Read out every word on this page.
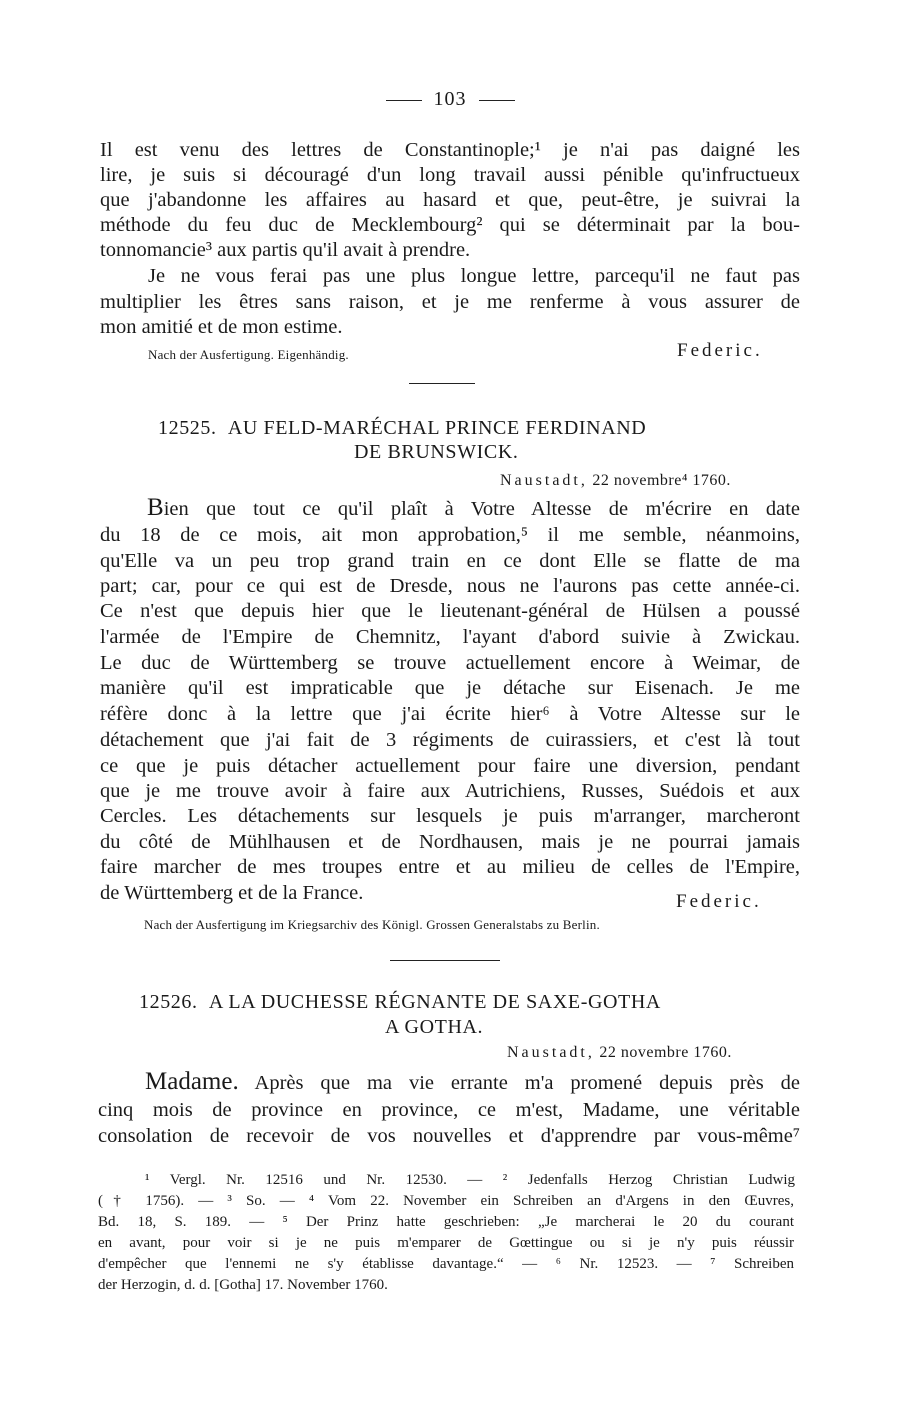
103
Il est venu des lettres de Constantinople;¹ je n'ai pas daigné les
lire, je suis si découragé d'un long travail aussi pénible qu'infructueux
que j'abandonne les affaires au hasard et que, peut-être, je suivrai la
méthode du feu duc de Mecklembourg² qui se déterminait par la bou-
tonnomancie³ aux partis qu'il avait à prendre.
Je ne vous ferai pas une plus longue lettre, parcequ'il ne faut pas
multiplier les êtres sans raison, et je me renferme à vous assurer de
mon amitié et de mon estime.
Nach der Ausfertigung. Eigenhändig.	Federic.
12525. AU FELD-MARÉCHAL PRINCE FERDINAND
DE BRUNSWICK.
Naustadt, 22 novembre⁴ 1760.
Bien que tout ce qu'il plaît à Votre Altesse de m'écrire en date
du 18 de ce mois, ait mon approbation,⁵ il me semble, néanmoins,
qu'Elle va un peu trop grand train en ce dont Elle se flatte de ma
part; car, pour ce qui est de Dresde, nous ne l'aurons pas cette année-ci.
Ce n'est que depuis hier que le lieutenant-général de Hülsen a poussé
l'armée de l'Empire de Chemnitz, l'ayant d'abord suivie à Zwickau.
Le duc de Württemberg se trouve actuellement encore à Weimar, de
manière qu'il est impraticable que je détache sur Eisenach. Je me
réfère donc à la lettre que j'ai écrite hier⁶ à Votre Altesse sur le
détachement que j'ai fait de 3 régiments de cuirassiers, et c'est là tout
ce que je puis détacher actuellement pour faire une diversion, pendant
que je me trouve avoir à faire aux Autrichiens, Russes, Suédois et aux
Cercles. Les détachements sur lesquels je puis m'arranger, marcheront
du côté de Mühlhausen et de Nordhausen, mais je ne pourrai jamais
faire marcher de mes troupes entre et au milieu de celles de l'Empire,
de Württemberg et de la France.	Federic.
Nach der Ausfertigung im Kriegsarchiv des Königl. Grossen Generalstabs zu Berlin.
12526. A LA DUCHESSE RÉGNANTE DE SAXE-GOTHA
A GOTHA.
Naustadt, 22 novembre 1760.
Madame. Après que ma vie errante m'a promené depuis près de
cinq mois de province en province, ce m'est, Madame, une véritable
consolation de recevoir de vos nouvelles et d'apprendre par vous-même⁷
¹ Vergl. Nr. 12516 und Nr. 12530. — ² Jedenfalls Herzog Christian Ludwig
(† 1756). — ³ So. — ⁴ Vom 22. November ein Schreiben an d'Argens in den Œuvres,
Bd. 18, S. 189. — ⁵ Der Prinz hatte geschrieben: „Je marcherai le 20 du courant
en avant, pour voir si je ne puis m'emparer de Gœttingue ou si je n'y puis réussir
d'empêcher que l'ennemi ne s'y établisse davantage.“ — ⁶ Nr. 12523. — ⁷ Schreiben
der Herzogin, d. d. [Gotha] 17. November 1760.
